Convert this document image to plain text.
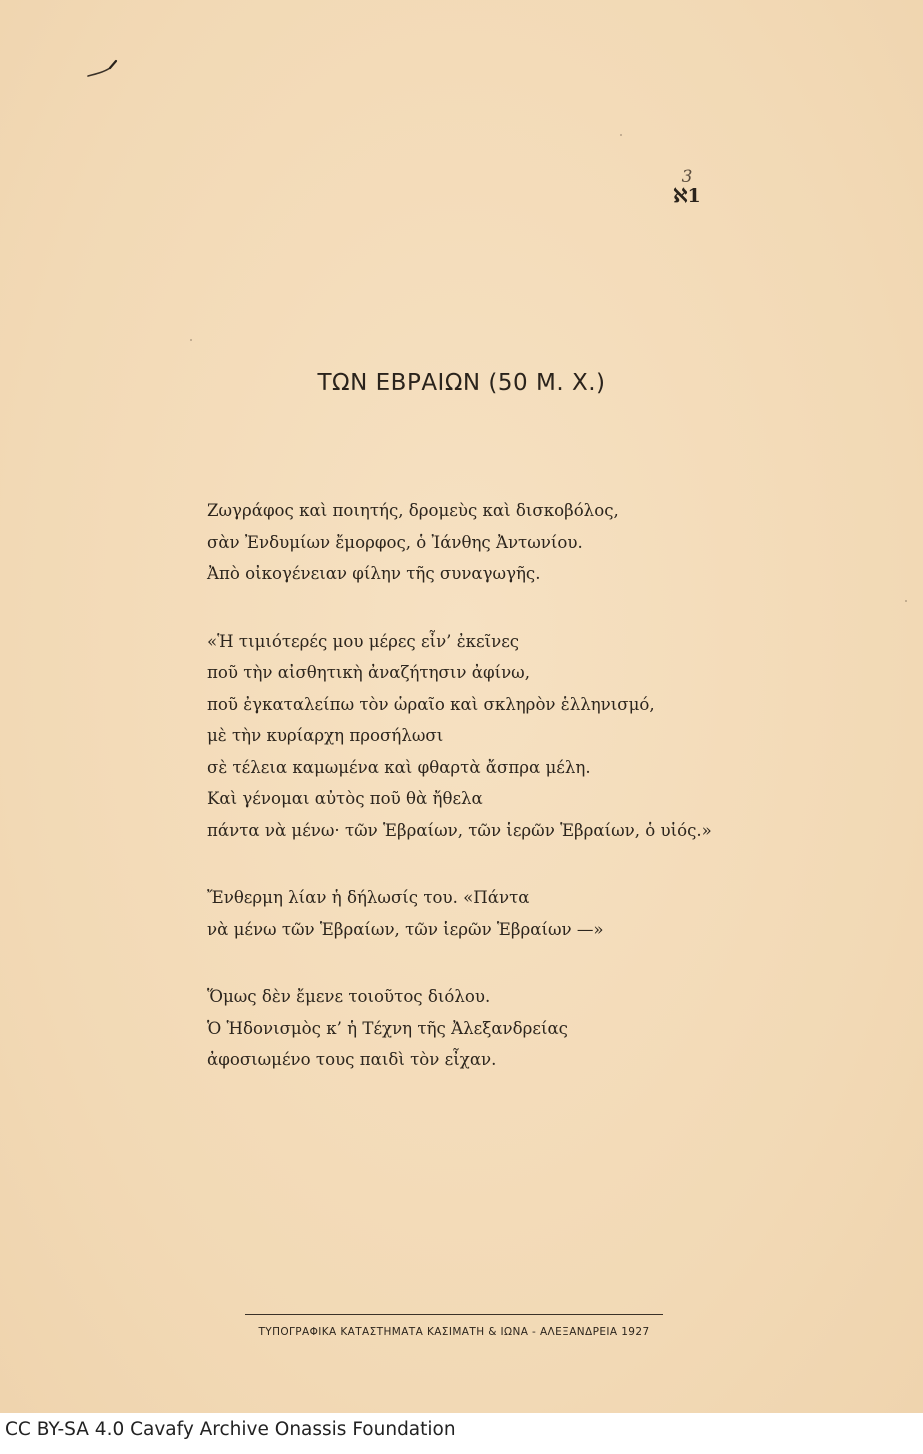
3
ℵ1
ΤΩΝ ΕΒΡΑΙΩΝ (50 Μ. Χ.)
Ζωγράφος καὶ ποιητής, δρομεὺς καὶ δισκοβόλος,
σὰν Ἐνδυμίων ἔμορφος, ὁ Ἰάνθης Ἀντωνίου.
Ἀπὸ οἰκογένειαν φίλην τῆς συναγωγῆς.
«Ἡ τιμιότερές μου μέρες εἶν’ ἐκεῖνες
ποῦ τὴν αἰσθητικὴ ἀναζήτησιν ἀφίνω,
ποῦ ἐγκαταλείπω τὸν ὡραῖο καὶ σκληρὸν ἑλληνισμό,
μὲ τὴν κυρίαρχη προσήλωσι
σὲ τέλεια καμωμένα καὶ φθαρτὰ ἄσπρα μέλη.
Καὶ γένομαι αὐτὸς ποῦ θὰ ἤθελα
πάντα νὰ μένω· τῶν Ἑβραίων, τῶν ἱερῶν Ἑβραίων, ὁ υἱός.»
Ἔνθερμη λίαν ἡ δήλωσίς του. «Πάντα
νὰ μένω τῶν Ἑβραίων, τῶν ἱερῶν Ἑβραίων —»
Ὅμως δὲν ἔμενε τοιοῦτος διόλου.
Ὁ Ἡδονισμὸς κ’ ἡ Τέχνη τῆς Ἀλεξανδρείας
ἀφοσιωμένο τους παιδὶ τὸν εἶχαν.
ΤΥΠΟΓΡΑΦΙΚΑ ΚΑΤΑΣΤΗΜΑΤΑ ΚΑΣΙΜΑΤΗ & ΙΩΝΑ - ΑΛΕΞΑΝΔΡΕΙΑ 1927
CC BY-SA 4.0 Cavafy Archive Onassis Foundation
